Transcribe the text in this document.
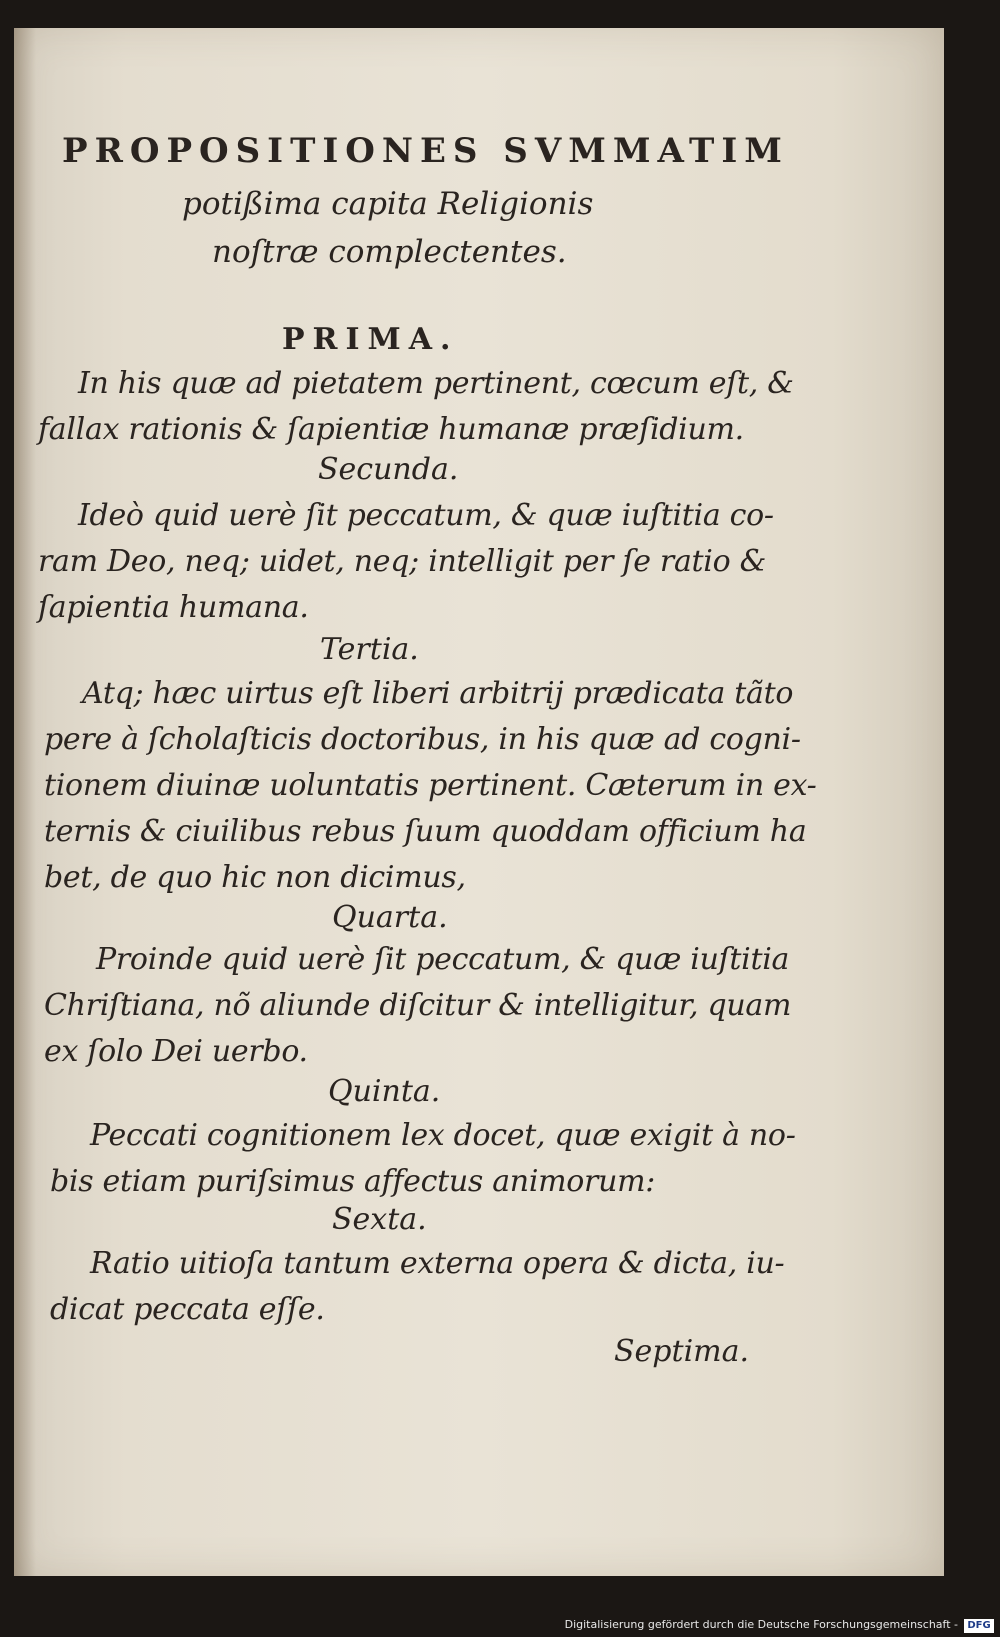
PROPOSITIONES SVMMATIM
potißima capita Religionis
noſtræ complectentes.
PRIMA.
In his quæ ad pietatem pertinent, cœcum eſt, &
fallax rationis & ſapientiæ humanæ præſidium.
Secunda.
Ideò quid uerè ſit peccatum, & quæ iuſtitia co-
ram Deo, neq; uidet, neq; intelligit per ſe ratio &
ſapientia humana.
Tertia.
Atq; hæc uirtus eſt liberi arbitrij prædicata tãto
pere à ſcholaſticis doctoribus, in his quæ ad cogni-
tionem diuinæ uoluntatis pertinent. Cæterum in ex-
ternis & ciuilibus rebus ſuum quoddam officium ha
bet, de quo hic non dicimus,
Quarta.
Proinde quid uerè ſit peccatum, & quæ iuſtitia
Chriſtiana, nõ aliunde diſcitur & intelligitur, quam
ex ſolo Dei uerbo.
Quinta.
Peccati cognitionem lex docet, quæ exigit à no-
bis etiam puriſsimus affectus animorum:
Sexta.
Ratio uitioſa tantum externa opera & dicta, iu-
dicat peccata eſſe.
Septima.
Digitalisierung gefördert durch die Deutsche Forschungsgemeinschaft - DFG
